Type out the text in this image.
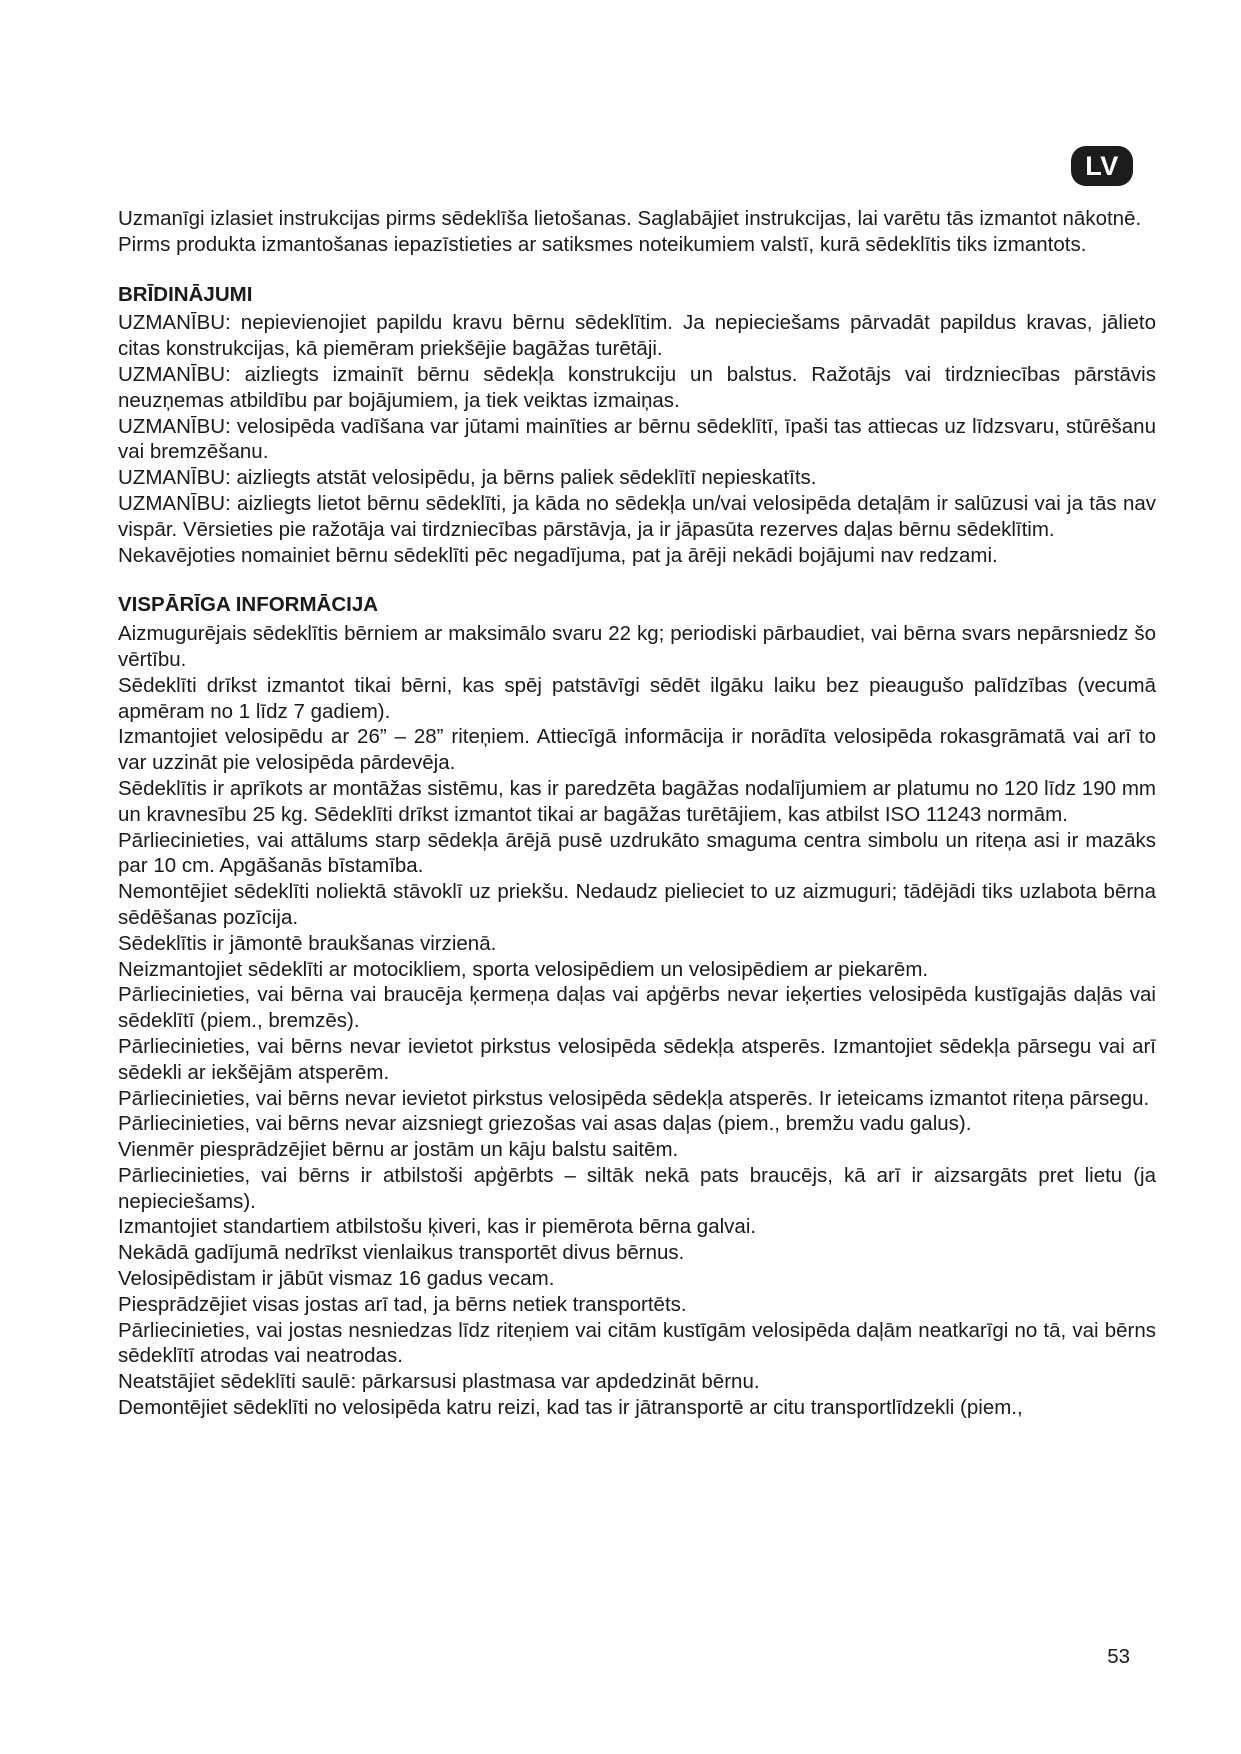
LV

Uzmanīgi izlasiet instrukcijas pirms sēdeklīša lietošanas. Saglabājiet instrukcijas, lai varētu tās izmantot nākotnē.

Pirms produkta izmantošanas iepazīstieties ar satiksmes noteikumiem valstī, kurā sēdeklītis tiks izmantots.

BRĪDINĀJUMI

UZMANĪBU: nepievienojiet papildu kravu bērnu sēdeklītim. Ja nepieciešams pārvadāt papildus kravas, jālieto citas konstrukcijas, kā piemēram priekšējie bagāžas turētāji.

UZMANĪBU: aizliegts izmainīt bērnu sēdekļa konstrukciju un balstus. Ražotājs vai tirdzniecības pārstāvis neuzņemas atbildību par bojājumiem, ja tiek veiktas izmaiņas.

UZMANĪBU: velosipēda vadīšana var jūtami mainīties ar bērnu sēdeklītī, īpaši tas attiecas uz līdzsvaru, stūrēšanu vai bremzēšanu.

UZMANĪBU: aizliegts atstāt velosipēdu, ja bērns paliek sēdeklītī nepieskatīts.

UZMANĪBU: aizliegts lietot bērnu sēdeklīti, ja kāda no sēdekļa un/vai velosipēda detaļām ir salūzusi vai ja tās nav vispār. Vērsieties pie ražotāja vai tirdzniecības pārstāvja, ja ir jāpasūta rezerves daļas bērnu sēdeklītim.

Nekavējoties nomainiet bērnu sēdeklīti pēc negadījuma, pat ja ārēji nekādi bojājumi nav redzami.

VISPĀRĪGA INFORMĀCIJA

Aizmugurējais sēdeklītis bērniem ar maksimālo svaru 22 kg; periodiski pārbaudiet, vai bērna svars nepārsniedz šo vērtību.

Sēdeklīti drīkst izmantot tikai bērni, kas spēj patstāvīgi sēdēt ilgāku laiku bez pieaugušo palīdzības (vecumā apmēram no 1 līdz 7 gadiem).

Izmantojiet velosipēdu ar 26” – 28” riteņiem. Attiecīgā informācija ir norādīta velosipēda rokasgrāmatā vai arī to var uzzināt pie velosipēda pārdevēja.

Sēdeklītis ir aprīkots ar montāžas sistēmu, kas ir paredzēta bagāžas nodalījumiem ar platumu no 120 līdz 190 mm un kravnesību 25 kg. Sēdeklīti drīkst izmantot tikai ar bagāžas turētājiem, kas atbilst ISO 11243 normām.

Pārliecinieties, vai attālums starp sēdekļa ārējā pusē uzdrukāto smaguma centra simbolu un riteņa asi ir mazāks par 10 cm. Apgāšanās bīstamība.

Nemontējiet sēdeklīti noliektā stāvoklī uz priekšu. Nedaudz pielieciet to uz aizmuguri; tādējādi tiks uzlabota bērna sēdēšanas pozīcija.

Sēdeklītis ir jāmontē braukšanas virzienā.

Neizmantojiet sēdeklīti ar motocikliem, sporta velosipēdiem un velosipēdiem ar piekarēm.

Pārliecinieties, vai bērna vai braucēja ķermeņa daļas vai apģērbs nevar ieķerties velosipēda kustīgajās daļās vai sēdeklītī (piem., bremzēs).

Pārliecinieties, vai bērns nevar ievietot pirkstus velosipēda sēdekļa atsperēs. Izmantojiet sēdekļa pārsegu vai arī sēdekli ar iekšējām atsperēm.

Pārliecinieties, vai bērns nevar ievietot pirkstus velosipēda sēdekļa atsperēs. Ir ieteicams izmantot riteņa pārsegu.

Pārliecinieties, vai bērns nevar aizsniegt griezošas vai asas daļas (piem., bremžu vadu galus).

Vienmēr piesprādzējiet bērnu ar jostām un kāju balstu saitēm.

Pārliecinieties, vai bērns ir atbilstoši apģērbts – siltāk nekā pats braucējs, kā arī ir aizsargāts pret lietu (ja nepieciešams).

Izmantojiet standartiem atbilstošu ķiveri, kas ir piemērota bērna galvai.

Nekādā gadījumā nedrīkst vienlaikus transportēt divus bērnus.

Velosipēdistam ir jābūt vismaz 16 gadus vecam.

Piesprādzējiet visas jostas arī tad, ja bērns netiek transportēts.

Pārliecinieties, vai jostas nesniedzas līdz riteņiem vai citām kustīgām velosipēda daļām neatkarīgi no tā, vai bērns sēdeklītī atrodas vai neatrodas.

Neatstājiet sēdeklīti saulē: pārkarsusi plastmasa var apdedzināt bērnu.

Demontējiet sēdeklīti no velosipēda katru reizi, kad tas ir jātransportē ar citu transportlīdzekli (piem.,

53
